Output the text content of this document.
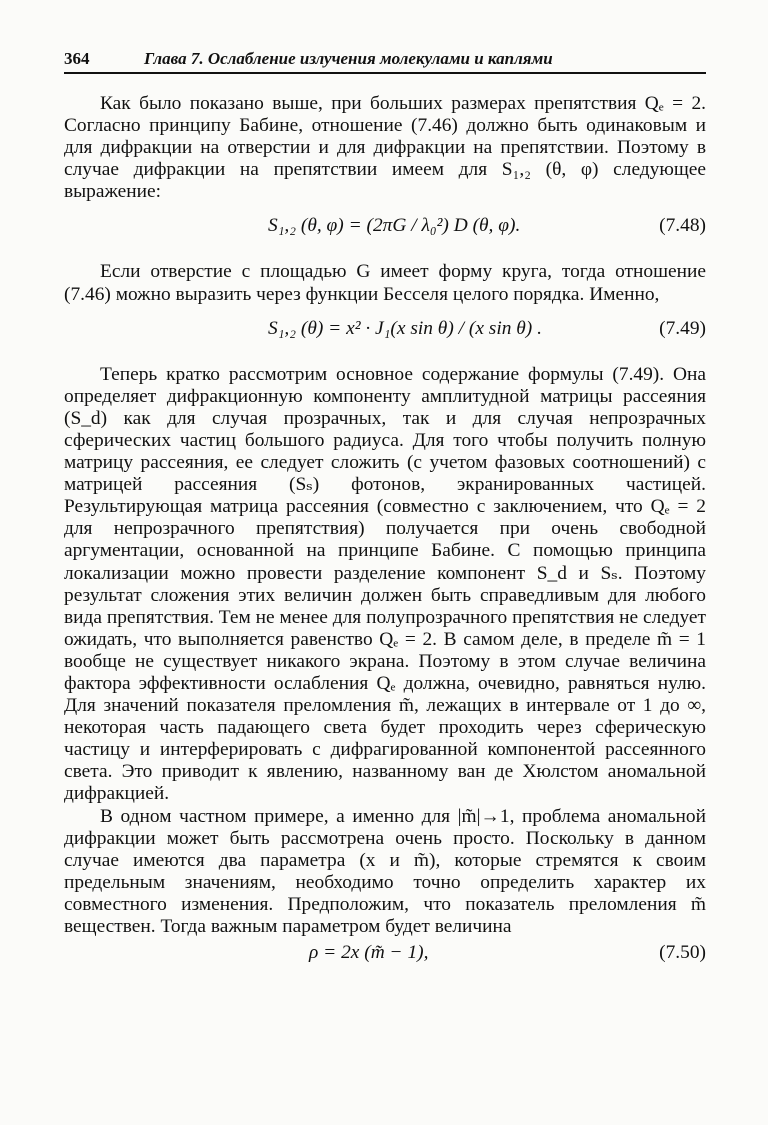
364	Глава 7. Ослабление излучения молекулами и каплями

Как было показано выше, при больших размерах препятствия Qₑ = 2. Согласно принципу Бабине, отношение (7.46) должно быть одинаковым и для дифракции на отверстии и для дифракции на препятствии. Поэтому в случае дифракции на препятствии имеем для S₁,₂ (θ, φ) следующее выражение:

S₁,₂ (θ, φ) = (2πG / λ₀²) D (θ, φ).	(7.48)

Если отверстие с площадью G имеет форму круга, тогда отношение (7.46) можно выразить через функции Бесселя целого порядка. Именно,

S₁,₂ (θ) = x² · J₁(x sin θ) / (x sin θ) .	(7.49)

Теперь кратко рассмотрим основное содержание формулы (7.49). Она определяет дифракционную компоненту амплитудной матрицы рассеяния (S_d) как для случая прозрачных, так и для случая непрозрачных сферических частиц большого радиуса. Для того чтобы получить полную матрицу рассеяния, ее следует сложить (с учетом фазовых соотношений) с матрицей рассеяния (Sₛ) фотонов, экранированных частицей. Результирующая матрица рассеяния (совместно с заключением, что Qₑ = 2 для непрозрачного препятствия) получается при очень свободной аргументации, основанной на принципе Бабине. С помощью принципа локализации можно провести разделение компонент S_d и Sₛ. Поэтому результат сложения этих величин должен быть справедливым для любого вида препятствия. Тем не менее для полупрозрачного препятствия не следует ожидать, что выполняется равенство Qₑ = 2. В самом деле, в пределе m̃ = 1 вообще не существует никакого экрана. Поэтому в этом случае величина фактора эффективности ослабления Qₑ должна, очевидно, равняться нулю. Для значений показателя преломления m̃, лежащих в интервале от 1 до ∞, некоторая часть падающего света будет проходить через сферическую частицу и интерферировать с дифрагированной компонентой рассеянного света. Это приводит к явлению, названному ван де Хюлстом аномальной дифракцией.

В одном частном примере, а именно для |m̃|→1, проблема аномальной дифракции может быть рассмотрена очень просто. Поскольку в данном случае имеются два параметра (x и m̃), которые стремятся к своим предельным значениям, необходимо точно определить характер их совместного изменения. Предположим, что показатель преломления m̃ веществен. Тогда важным параметром будет величина

ρ = 2x (m̃ − 1),	(7.50)
